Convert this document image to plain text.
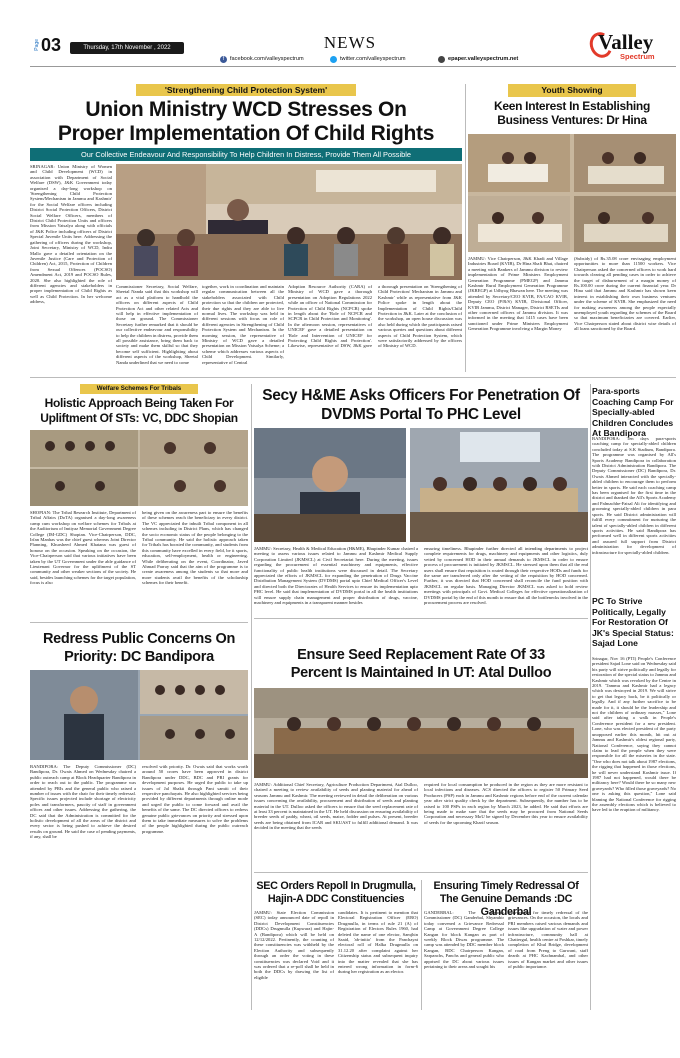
Page 03	Thursday, 17th November , 2022	NEWS
f	facebook.com/valleyspectrum	twitter.com/valleyspectrum	epaper.valleyspectrum.net
Valley
Spectrum
'Strengthening Child Protection System'
Union Ministry WCD Stresses On
Proper Implementation Of Child Rights
Our Collective Endeavour And Responsibility To Help Children In Distress, Provide Them All Possible
SRINAGAR: Union Ministry of Women and Child Development (WCD) in association with Department of Social Welfare (DSW), J&K Government today organised a day-long workshop on 'Strengthening Child Protection System/Mechanism in Jammu and Kashmir' for the Social Welfare officers including District Social Protection Officers, District Social Welfare Officers, members of District Child Protection Units and officers from Mission Vatsalya along with officials of J&K Police including officers of District Special Juvenile Units here. Addressing the gathering of officers during the workshop, Joint Secretary, Ministry of WCD, Indra Mallo gave a detailed orientation on the Juvenile Justice (Care and Protection of Children) Act, 2015, Protection of Children from Sexual Offences (POCSO) Amendment Act, 2019 and POCSO Rules, 2020. She also highlighted the role of different agencies and stakeholders in proper implementation of Child Rights as well as Child Protection. In her welcome address,
Commissioner Secretary, Social Welfare, Sheetal Nanda said that this workshop will act as a vital platform to handhold the officers on different aspects of Child Protection Act and other related Acts and will help in effective implementation of those on ground. The Commissioner Secretary further remarked that it should be our collective endeavour and responsibility to help the children in distress, provide them all possible assistance, bring them back to society and make them skilful so that they become self sufficient. Highlighting about different aspects of the workshop, Sheetal Nanda underlined that we need to come
together, work in coordination and maintain regular communication between all the stakeholders associated with Child protection so that the children are protected, their due rights and they are able to live normal lives. The workshop was held in different sessions with focus on role of different agencies in Strengthening of Child Protection System and Mechanism. In the morning session, the representative of Ministry of WCD gave a detailed presentation on Mission Vatsalya Scheme; a scheme which addresses various aspects of Child Development. Similarly, representative of Central
Adoption Resource Authority (CARA) of Ministry of WCD gave a thorough presentation on Adoption Regulations 2022 while an officer of National Commission for Protection of Child Rights (NCPCR) spoke in length about the 'Role of NCPCR and SCPCR in Child Protection and Monitoring'. In the afternoon session, representatives of UNICEF gave a detailed presentation on 'Role and Intervention of UNICEF for Protecting Child Rights and Protection'. Likewise, representative of DSW, J&K gave a thorough presentation on 'Strengthening of Child Protection/ Mechanism in Jammu and Kashmir' while as representative from J&K Police spoke in length about the Implementation of Child Rights/Child Protection in J&K. Later at the conclusion of the workshop, an open house discussion was also held during which the participants raised various queries and questions about different aspects of Child Protection System, which were satisfactorily addressed by the officers of Ministry of WCD.
Youth Showing
Keen Interest In Establishing Business Ventures: Dr Hina
JAMMU: Vice Chairperson, J&K Khadi and Village Industries Board (KVIB), Dr Hina Shafi Bhat, chaired a meeting with Bankers of Jammu division to review implementation of Prime Ministers Employment Generation Programme (PMEGP) and Jammu Kashmir Rural Employment Generation Programme (JKREGP) at Udhyog Bhawan here. The meeting was attended by Secretary/CEO KVIB, FA/CAO KVIB, Deputy CEO (P/R/S) KVIB, Divisional Officer, KVIB Jammu, District Manager, District RSETIs and other concerned officers of Jammu division. It was informed in the meeting that 1415 cases have been sanctioned under Prime Ministers Employment Generation Programme involving a Margin Money
(Subsidy) of Rs.35.08 crore envisaging employment opportunities to more than 11500 workers. Vice Chairperson asked the concerned officers to work hard towards clearing all pending cases in order to achieve the target of disbursement of a margin money of Rs.100.00 crore during the current financial year. Dr Hina said that Jammu and Kashmir has shown keen interest in establishing their own business ventures under the scheme of KVIB. She emphasized the need for making awareness among the people especially unemployed youth regarding the schemes of the Board so that maximum beneficiaries are covered. Earlier, Vice Chairperson stated about district wise details of all loans sanctioned by the Board.
Welfare Schemes For Tribals
Holistic Approach Being Taken For Upliftment Of STs: VC, DDC Shopian
SHOPIAN: The Tribal Research Institute, Department of Tribal Affairs (DoTA) organised a day-long awareness camp cum workshop on welfare schemes for Tribals at the Auditorium of Imtiyaz Memorial Government Degree College (IM-GDC) Shopian. Vice-Chairperson, DDC, Irfan Manhas was the chief guest whereas Joint Director Planning, Khursheed Ahmed Khatana was guest of honour on the occasion. Speaking on the occasion, the Vice-Chairperson said that various initiatives have been taken by the UT Government under the able guidance of Lieutenant Governor for the upliftment of the ST community and other weaker sections of the society. He said, besides launching schemes for the target population, focus is also
being given on the awareness part to ensure the benefits of these schemes reach the beneficiary in every district. The VC appreciated the inbuilt Tribal component in all schemes including in District Plans, which has changed the socio economic status of the people belonging to the Tribal community. He said the holistic approach taken for Tribals has boosted the community, and students from this community have excelled in every field, be it sports, education, self-employment, health or engineering. While deliberating on the event, Coordinator, Javed Ahmad Parray said that the aim of the programme is to create awareness among the students so that more and more students avail the benefits of the scholarship schemes for their benefit.
Secy H&ME Asks Officers For Penetration Of DVDMS Portal To PHC Level
JAMMU: Secretary, Health & Medical Education (H&ME), Bhupinder Kumar chaired a meeting to assess various issues related to Jammu and Kashmir Medical Supply Corporation Limited (JKMSCL) at Civil Secretariat here. During the meeting, issues regarding the procurement of essential machinery and equipments, effective functionality of public health institutions were discussed in detail. The Secretary appreciated the efforts of JKMSCL for expanding the penetration of Drugs Vaccine Distribution Management System (DVDMS) portal upto Chief Medical Officer's Level and directed both the Directorates of Health Services to ensure its implementation upto PHC level. He said that implementation of DVDMS portal in all the health institutions will ensure supply chain management and proper distribution of drugs, vaccine, machinery and equipments in a transparent manner besides
ensuring timeliness. Bhupinder further directed all intending departments to project complete requirements for drugs, machinery and equipments and other logistics, duly vetted by concerned HOD in their annual demands to JKMSCL in order to ensure process of procurement is initiated by JKMSCL. He stressed upon them that all the end users shall ensure that requisition is routed through their respective HODs and funds for the same are transferred only after the vetting of the requisition by HOD concerned. Further, it was directed that HOD concerned shall reconcile the fund position with JKMSCL on regular basis. Managing Director JKMSCL was asked to hold review meetings with principals of Govt. Medical Colleges for effective operationalization of DVDMS portal by the end of this month to ensure that all the bottlenecks involved in the procurement process are resolved.
Para-sports Coaching Camp For Specially-abled Children Concludes At Bandipora
BANDIPORA: Ten days para-sports coaching camp for specially-abled children concluded today at S.K Stadium, Bandipora. The programme was organised by All's Sports Academy Bandipora in collaboration with District Administration Bandipora. The Deputy Commissioner (DC) Bandipora, Dr. Owais Ahmed interacted with the specially-abled children to encourage them to perform better in sports. He said each coaching camp has been organised for the first time in the district and thanked the All's Sports Academy and Palmachhe-Faisal Ali for identifying and grooming specially-abled children in para sports. He said District administration will fulfill every commitment for nurturing the talent of specially-abled children in different sports activities. He said Bandipora has performed well in different sports activities and assured full support from District administration for development of infrastructure for specially-abled children.
PC To Strive Politically, Legally For Restoration Of JK's Special Status: Sajad Lone
Srinagar, Nov 16 (PTI) People's Conference president Sajad Lone said on Wednesday said his party will strive politically and legally for restoration of the special status to Jammu and Kashmir which was revoked by the Centre in 2019. "Jammu and Kashmir had a legacy which was destroyed in 2019. We will strive to get that legacy back, be it politically or legally. And if any further sacrifice to be made for it, it should be the leadership and not the children of ordinary masses," Lone said after taking a walk in People's Conference president for a new president. Lone, who was elected president of the party unopposed earlier this month, hit out at Jammu and Kashmir's oldest regional party, National Conference, saying they cannot claim to lead the people when they were responsible for all the miseries in the state. "One who does not talk about 1987 elections, the rigging that happened in those elections, he will never understand Kashmir issue. If 1987 had not happened, would there be militancy here? Would there be so many new graveyards? Who filled those graveyards? No one is asking this question," Lone said blaming the National Conference for rigging the assembly elections which is believed to have led to the eruption of militancy.
Redress Public Concerns On Priority: DC Bandipora
BANDIPORA: The Deputy Commissioner (DC) Bandipora, Dr. Owais Ahmed on Wednesday chaired a public outreach camp at Block Headquarter Bandipora in order to reach out to the public. The programme was attended by PRIs and the general public who raised a number of issues with the chair for their timely redressal. Specific issues projected include shortage of electricity poles and transformers, paucity of staff in government offices and other issues. Addressing the gathering, the DC said that the Administration is committed for the holistic development of all the areas of the district and every sector is being pushed to achieve the desired results on ground. He said the case of pending payments, if any, shall be
resolved with priority. Dr. Owais said that works worth around 50 crores have been approved in district Bandipora under DDC, BDC and PRI grants for development purposes. He urged the public to take up issues of Jal Shakti through Pani samiti of their respective panchayats. He also highlighted services being provided by different departments through online mode and urged the public to come forward and avail the benefits of the same. The DC directed officers to redress genuine public grievances on priority and stressed upon them to take immediate measures to solve the problems of the people highlighted during the public outreach programme.
Ensure Seed Replacement Rate Of 33
Percent Is Maintained In UT: Atal Dulloo
JAMMU: Additional Chief Secretary, Agriculture Production Department, Atal Dulloo, chaired a meeting to review availability of seeds and planting material for ahead of seasons Jammu and Kashmir. The meeting reviewed in detail the deliberation on various issues concerning the availability, procurement and distribution of seeds and planting material in the UT. Dulloo asked the officers to ensure that the seed replacement rate of at least 33 percent is maintained in the UT. He held discussion on ensuring availability of breeder seeds of paddy, wheat, oil seeds, maize, fodder and pulses. At present, breeder seeds are being obtained from ICAR and SKUAST to fulfill additional demand. It was decided in the meeting that the seeds
required for local consumption be produced in the region as they are more resistant to local infections and diseases. ACS directed the officers to register 50 Primary Seed Producers (PSP) each in Jammu and Kashmir regions before end of the current calendar year after strict quality check by the department. Subsequently, the number has to be raised to 100 PSPs in each region by March 2023, he added. He said that efforts are being made to make sure that the seeds may be procured from National Seeds Corporation and necessary MoU be signed by December this year to ensure availability of seeds for the upcoming Kharif season.
SEC Orders Repoll In Drugmulla, Hajin-A DDC Constituencies
JAMMU: State Election Commission (SEC) today announced date of repoll in District Development Constituencies (DDCs) Drugmulla (Kupwara) and Hajin-A (Bandipora) which will be held on 12/12/2022. Pertinently, the counting of these constituencies was withheld by the Election Authority and subsequently through an order the voting in these constituencies was declared Void and it was ordered that a re-poll shall be held in both the DDCs by drawing the list of eligible
candidates. It is pertinent to mention that Electoral Registration Officer (ERO) Drugmulla, in terms of rule 21 (A) of Registration of Electors Rules 1960, had deleted the name of one elector, Samjhin Saaid, 'ab-initio' from the Panchayat electoral roll of Halka Drugmulla on 31.12.20 after complaint against her Citizenship status and subsequent inquiry into the matter revealed that she has entered wrong information in form-6 during her registration as an elector.
Ensuring Timely Redressal Of The Genuine Demands :DC Ganderbal
GANDERBAL: The Deputy Commissioner (DC) Ganderbal, Shyambir today convened a Grievance Redressal Camp at Government Degree College Kangan for block Kangan as part of weekly Block Diwas programme. The camp was attended by DDC member block Kangan, BDC Chairperson Kangan, Sarpanchs, Panchs and general public who apprised the DC about various issues pertaining to their areas and sought his
intervention for timely redressal of the grievances. On the occasion, the locals and PRI members raised various demands and issues like upgradation of water and power infrastructure, community hall at Chattergul, health centre at Poshkar, timely completion of Khul Bridge, development of road from Preng to Gurwani, staff dearth at PHC Kachnambal, and other issues of Kangan market and other issues of public importance.
